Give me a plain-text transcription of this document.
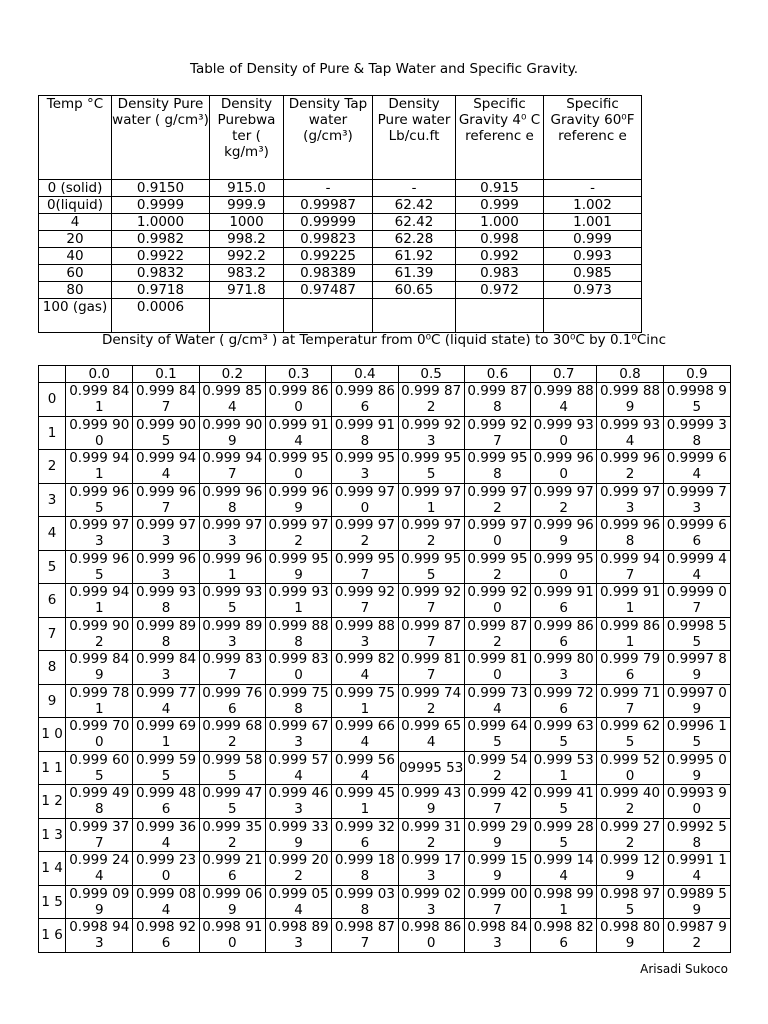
Table of Density of Pure & Tap Water and Specific Gravity.
Temp °C	Density Pure water ( g/cm³)	Density Purebwa ter ( kg/m³)	Density Tap water (g/cm³)	Density Pure water Lb/cu.ft	Specific Gravity 4⁰ C referenc e	Specific Gravity 60⁰F referenc e
0 (solid)	0.9150	915.0	-	-	0.915	-
0(liquid)	0.9999	999.9	0.99987	62.42	0.999	1.002
4	1.0000	1000	0.99999	62.42	1.000	1.001
20	0.9982	998.2	0.99823	62.28	0.998	0.999
40	0.9922	992.2	0.99225	61.92	0.992	0.993
60	0.9832	983.2	0.98389	61.39	0.983	0.985
80	0.9718	971.8	0.97487	60.65	0.972	0.973
100 (gas)	0.0006					
Density of Water ( g/cm³ ) at Temperatur from 0⁰C (liquid state) to 30⁰C by 0.1⁰Cinc
	0.0	0.1	0.2	0.3	0.4	0.5	0.6	0.7	0.8	0.9
0	0.999 841	0.999 847	0.999 854	0.999 860	0.999 866	0.999 872	0.999 878	0.999 884	0.999 889	0.9998 95
1	0.999 900	0.999 905	0.999 909	0.999 914	0.999 918	0.999 923	0.999 927	0.999 930	0.999 934	0.9999 38
2	0.999 941	0.999 944	0.999 947	0.999 950	0.999 953	0.999 955	0.999 958	0.999 960	0.999 962	0.9999 64
3	0.999 965	0.999 967	0.999 968	0.999 969	0.999 970	0.999 971	0.999 972	0.999 972	0.999 973	0.9999 73
4	0.999 973	0.999 973	0.999 973	0.999 972	0.999 972	0.999 972	0.999 970	0.999 969	0.999 968	0.9999 66
5	0.999 965	0.999 963	0.999 961	0.999 959	0.999 957	0.999 955	0.999 952	0.999 950	0.999 947	0.9999 44
6	0.999 941	0.999 938	0.999 935	0.999 931	0.999 927	0.999 927	0.999 920	0.999 916	0.999 911	0.9999 07
7	0.999 902	0.999 898	0.999 893	0.999 888	0.999 883	0.999 877	0.999 872	0.999 866	0.999 861	0.9998 55
8	0.999 849	0.999 843	0.999 837	0.999 830	0.999 824	0.999 817	0.999 810	0.999 803	0.999 796	0.9997 89
9	0.999 781	0.999 774	0.999 766	0.999 758	0.999 751	0.999 742	0.999 734	0.999 726	0.999 717	0.9997 09
1 0	0.999 700	0.999 691	0.999 682	0.999 673	0.999 664	0.999 654	0.999 645	0.999 635	0.999 625	0.9996 15
1 1	0.999 605	0.999 595	0.999 585	0.999 574	0.999 564	09995 53	0.999 542	0.999 531	0.999 520	0.9995 09
1 2	0.999 498	0.999 486	0.999 475	0.999 463	0.999 451	0.999 439	0.999 427	0.999 415	0.999 402	0.9993 90
1 3	0.999 377	0.999 364	0.999 352	0.999 339	0.999 326	0.999 312	0.999 299	0.999 285	0.999 272	0.9992 58
1 4	0.999 244	0.999 230	0.999 216	0.999 202	0.999 188	0.999 173	0.999 159	0.999 144	0.999 129	0.9991 14
1 5	0.999 099	0.999 084	0.999 069	0.999 054	0.999 038	0.999 023	0.999 007	0.998 991	0.998 975	0.9989 59
1 6	0.998 943	0.998 926	0.998 910	0.998 893	0.998 877	0.998 860	0.998 843	0.998 826	0.998 809	0.9987 92
Arisadi Sukoco
